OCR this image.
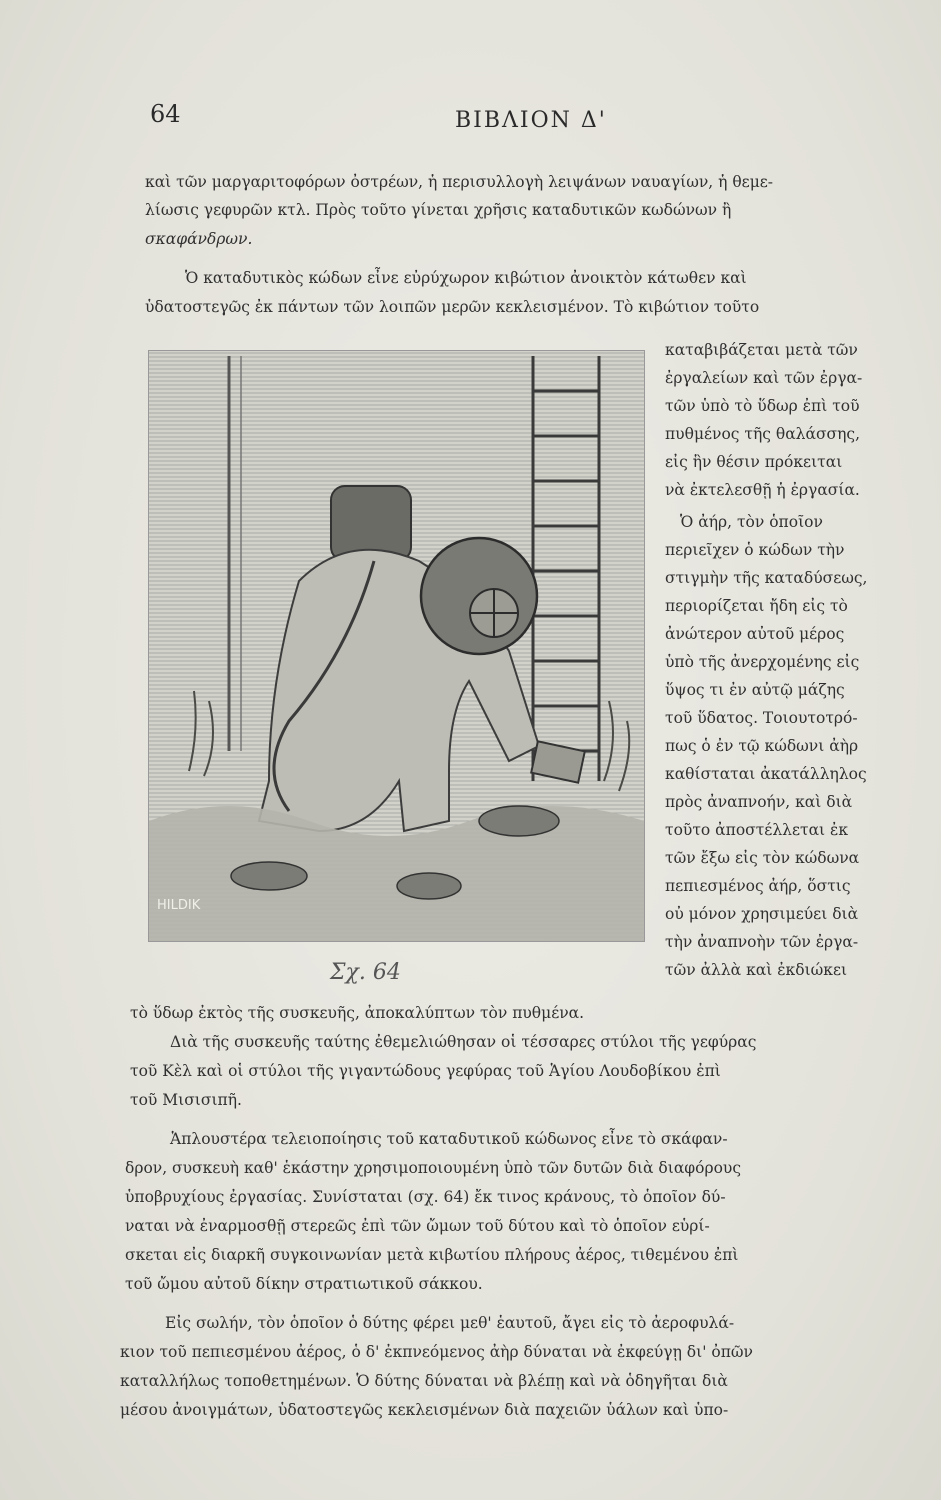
64	ΒΙΒΛΙΟΝ Δ'
καὶ τῶν μαργαριτοφόρων ὀστρέων, ἡ περισυλλογὴ λειψάνων ναυαγίων, ἡ θεμε-
λίωσις γεφυρῶν κτλ. Πρὸς τοῦτο γίνεται χρῆσις καταδυτικῶν κωδώνων ἢ
σκαφάνδρων.
Ὁ καταδυτικὸς κώδων εἶνε εὐρύχωρον κιβώτιον ἀνοικτὸν κάτωθεν καὶ
ὑδατοστεγῶς ἐκ πάντων τῶν λοιπῶν μερῶν κεκλεισμένον. Τὸ κιβώτιον τοῦτο
HILDIK
Σχ. 64
καταβιβάζεται μετὰ τῶν
ἐργαλείων καὶ τῶν ἐργα-
τῶν ὑπὸ τὸ ὕδωρ ἐπὶ τοῦ
πυθμένος τῆς θαλάσσης,
εἰς ἣν θέσιν πρόκειται
νὰ ἐκτελεσθῇ ἡ ἐργασία.
Ὁ ἀήρ, τὸν ὁποῖον
περιεῖχεν ὁ κώδων τὴν
στιγμὴν τῆς καταδύσεως,
περιορίζεται ἤδη εἰς τὸ
ἀνώτερον αὐτοῦ μέρος
ὑπὸ τῆς ἀνερχομένης εἰς
ὕψος τι ἐν αὐτῷ μάζης
τοῦ ὕδατος. Τοιουτοτρό-
πως ὁ ἐν τῷ κώδωνι ἀὴρ
καθίσταται ἀκατάλληλος
πρὸς ἀναπνοήν, καὶ διὰ
τοῦτο ἀποστέλλεται ἐκ
τῶν ἔξω εἰς τὸν κώδωνα
πεπιεσμένος ἀήρ, ὅστις
οὐ μόνον χρησιμεύει διὰ
τὴν ἀναπνοὴν τῶν ἐργα-
τῶν ἀλλὰ καὶ ἐκδιώκει
τὸ ὕδωρ ἐκτὸς τῆς συσκευῆς, ἀποκαλύπτων τὸν πυθμένα.
Διὰ τῆς συσκευῆς ταύτης ἐθεμελιώθησαν οἱ τέσσαρες στύλοι τῆς γεφύρας
τοῦ Κὲλ καὶ οἱ στύλοι τῆς γιγαντώδους γεφύρας τοῦ Ἁγίου Λουδοβίκου ἐπὶ
τοῦ Μισισιπῆ.
Ἁπλουστέρα τελειοποίησις τοῦ καταδυτικοῦ κώδωνος εἶνε τὸ σκάφαν-
δρον, συσκευὴ καθ' ἑκάστην χρησιμοποιουμένη ὑπὸ τῶν δυτῶν διὰ διαφόρους
ὑποβρυχίους ἐργασίας. Συνίσταται (σχ. 64) ἔκ τινος κράνους, τὸ ὁποῖον δύ-
ναται νὰ ἐναρμοσθῇ στερεῶς ἐπὶ τῶν ὤμων τοῦ δύτου καὶ τὸ ὁποῖον εὑρί-
σκεται εἰς διαρκῆ συγκοινωνίαν μετὰ κιβωτίου πλήρους ἀέρος, τιθεμένου ἐπὶ
τοῦ ὤμου αὐτοῦ δίκην στρατιωτικοῦ σάκκου.
Εἰς σωλήν, τὸν ὁποῖον ὁ δύτης φέρει μεθ' ἑαυτοῦ, ἄγει εἰς τὸ ἀεροφυλά-
κιον τοῦ πεπιεσμένου ἀέρος, ὁ δ' ἐκπνεόμενος ἀὴρ δύναται νὰ ἐκφεύγῃ δι' ὀπῶν
καταλλήλως τοποθετημένων. Ὁ δύτης δύναται νὰ βλέπῃ καὶ νὰ ὁδηγῆται διὰ
μέσου ἀνοιγμάτων, ὑδατοστεγῶς κεκλεισμένων διὰ παχειῶν ὑάλων καὶ ὑπο-
